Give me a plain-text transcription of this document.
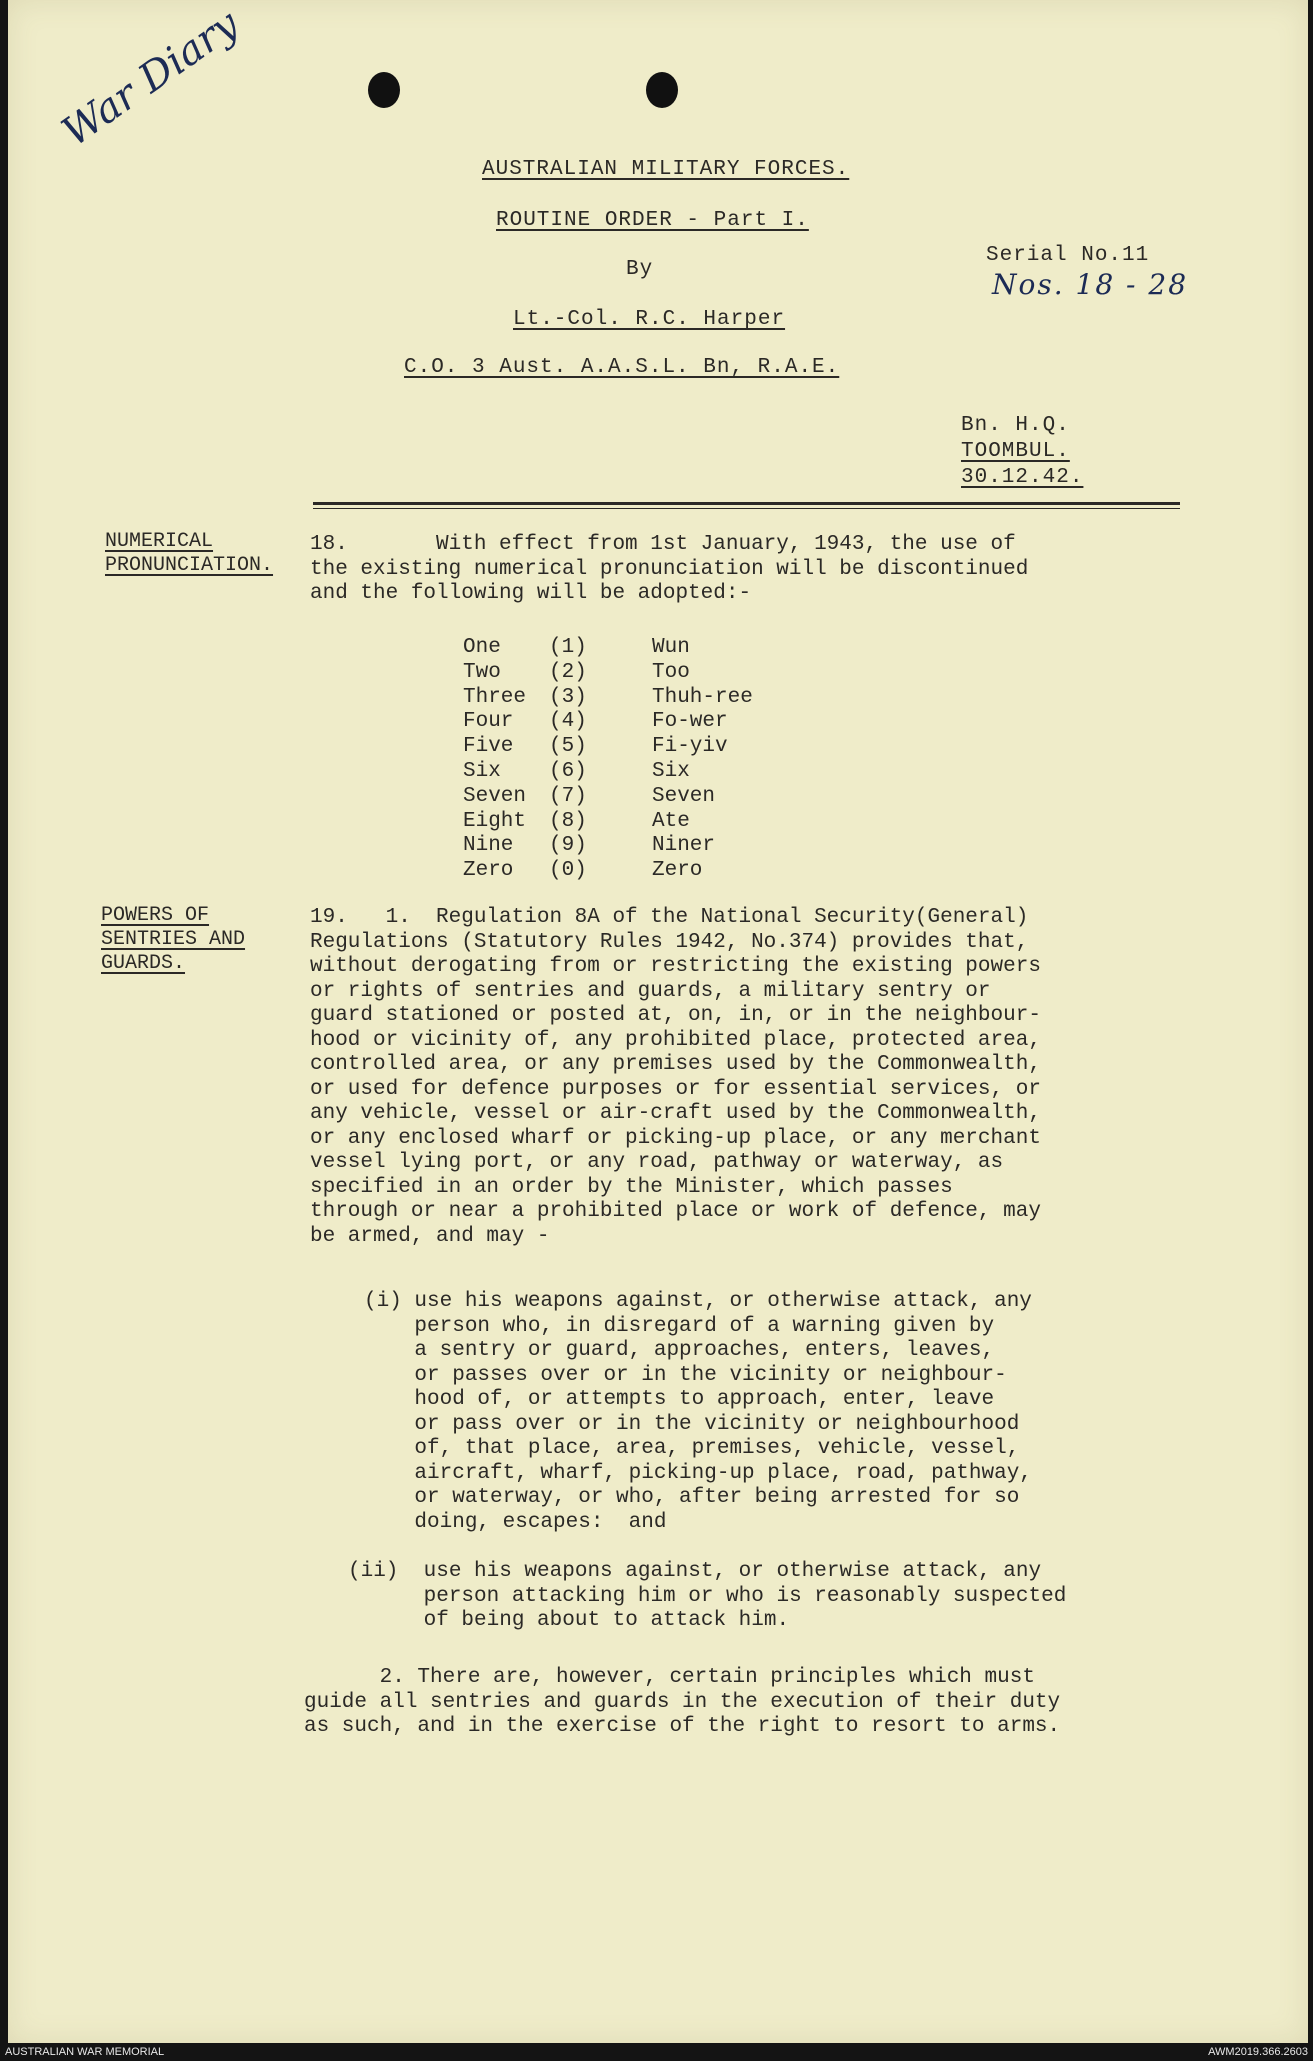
War Diary
AUSTRALIAN MILITARY FORCES.
ROUTINE ORDER - Part I.
By
Lt.-Col. R.C. Harper
C.O. 3 Aust. A.A.S.L. Bn, R.A.E.
Serial No.11
Nos. 18 - 28
Bn. H.Q.
TOOMBUL.
30.12.42.
NUMERICAL
PRONUNCIATION.
18.       With effect from 1st January, 1943, the use of
the existing numerical pronunciation will be discontinued
and the following will be adopted:-
One	(1)	Wun
Two	(2)	Too
Three	(3)	Thuh-ree
Four	(4)	Fo-wer
Five	(5)	Fi-yiv
Six	(6)	Six
Seven	(7)	Seven
Eight	(8)	Ate
Nine	(9)	Niner
Zero	(0)	Zero
POWERS OF
SENTRIES AND
GUARDS.
19.   1.  Regulation 8A of the National Security(General)
Regulations (Statutory Rules 1942, No.374) provides that,
without derogating from or restricting the existing powers
or rights of sentries and guards, a military sentry or
guard stationed or posted at, on, in, or in the neighbour-
hood or vicinity of, any prohibited place, protected area,
controlled area, or any premises used by the Commonwealth,
or used for defence purposes or for essential services, or
any vehicle, vessel or air-craft used by the Commonwealth,
or any enclosed wharf or picking-up place, or any merchant
vessel lying port, or any road, pathway or waterway, as
specified in an order by the Minister, which passes
through or near a prohibited place or work of defence, may
be armed, and may -
(i) use his weapons against, or otherwise attack, any
person who, in disregard of a warning given by
a sentry or guard, approaches, enters, leaves,
or passes over or in the vicinity or neighbour-
hood of, or attempts to approach, enter, leave
or pass over or in the vicinity or neighbourhood
of, that place, area, premises, vehicle, vessel,
aircraft, wharf, picking-up place, road, pathway,
or waterway, or who, after being arrested for so
doing, escapes:  and
(ii)  use his weapons against, or otherwise attack, any
person attacking him or who is reasonably suspected
of being about to attack him.
2. There are, however, certain principles which must
guide all sentries and guards in the execution of their duty
as such, and in the exercise of the right to resort to arms.
AUSTRALIAN WAR MEMORIAL	AWM2019.366.2603
